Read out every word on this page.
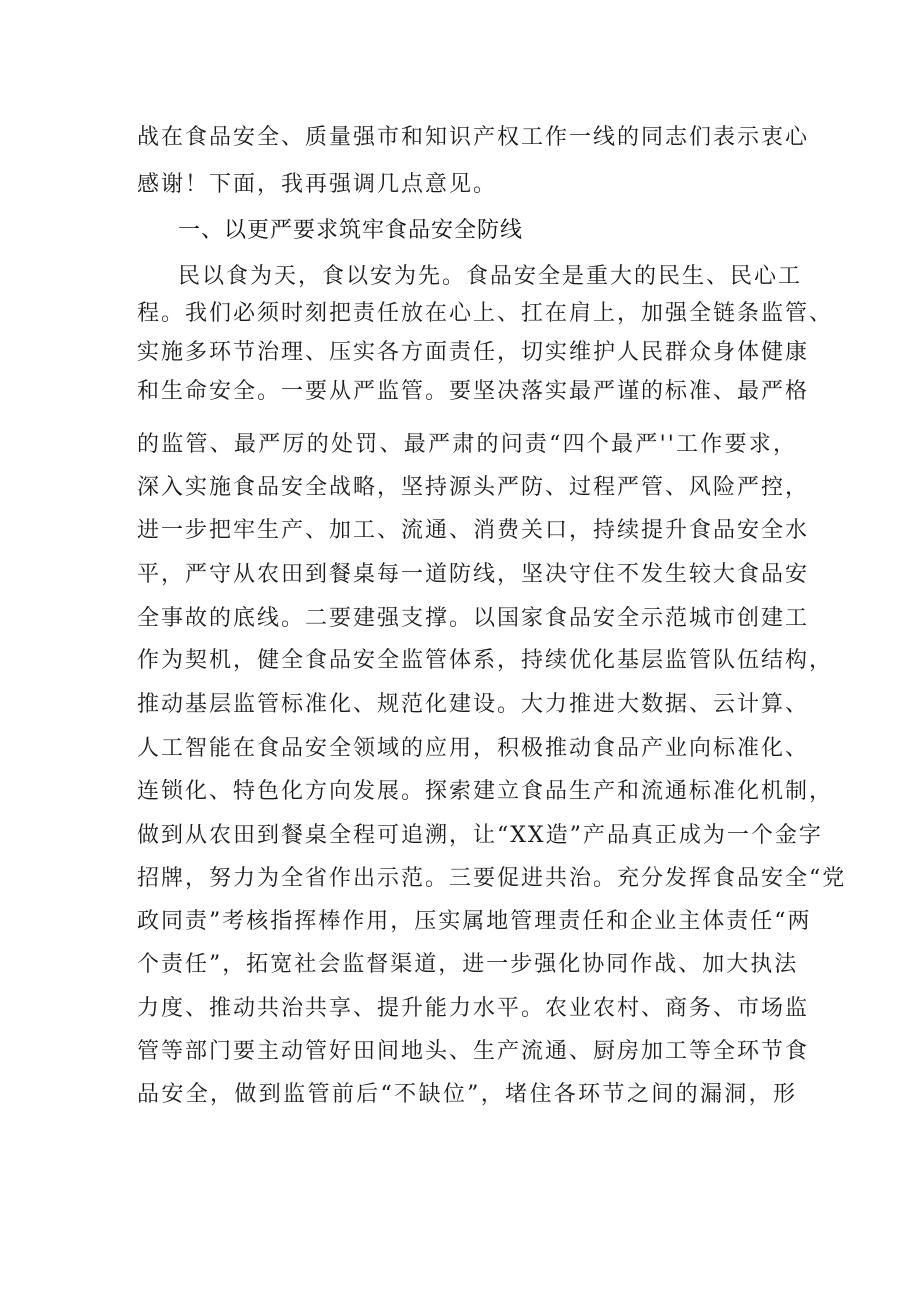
战在食品安全、质量强市和知识产权工作一线的同志们表示衷心
感谢！下面，我再强调几点意见。
一、以更严要求筑牢食品安全防线
民以食为天，食以安为先。食品安全是重大的民生、民心工
程。我们必须时刻把责任放在心上、扛在肩上，加强全链条监管、
实施多环节治理、压实各方面责任，切实维护人民群众身体健康
和生命安全。一要从严监管。要坚决落实最严谨的标准、最严格
的监管、最严厉的处罚、最严肃的问责“四个最严''工作要求，
深入实施食品安全战略，坚持源头严防、过程严管、风险严控，
进一步把牢生产、加工、流通、消费关口，持续提升食品安全水
平，严守从农田到餐桌每一道防线，坚决守住不发生较大食品安
全事故的底线。二要建强支撑。以国家食品安全示范城市创建工
作为契机，健全食品安全监管体系，持续优化基层监管队伍结构，
推动基层监管标准化、规范化建设。大力推进大数据、云计算、
人工智能在食品安全领域的应用，积极推动食品产业向标准化、
连锁化、特色化方向发展。探索建立食品生产和流通标准化机制，
做到从农田到餐桌全程可追溯，让“XX造”产品真正成为一个金字
招牌，努力为全省作出示范。三要促进共治。充分发挥食品安全“党
政同责”考核指挥棒作用，压实属地管理责任和企业主体责任“两
个责任”，拓宽社会监督渠道，进一步强化协同作战、加大执法
力度、推动共治共享、提升能力水平。农业农村、商务、市场监
管等部门要主动管好田间地头、生产流通、厨房加工等全环节食
品安全，做到监管前后“不缺位”，堵住各环节之间的漏洞，形
